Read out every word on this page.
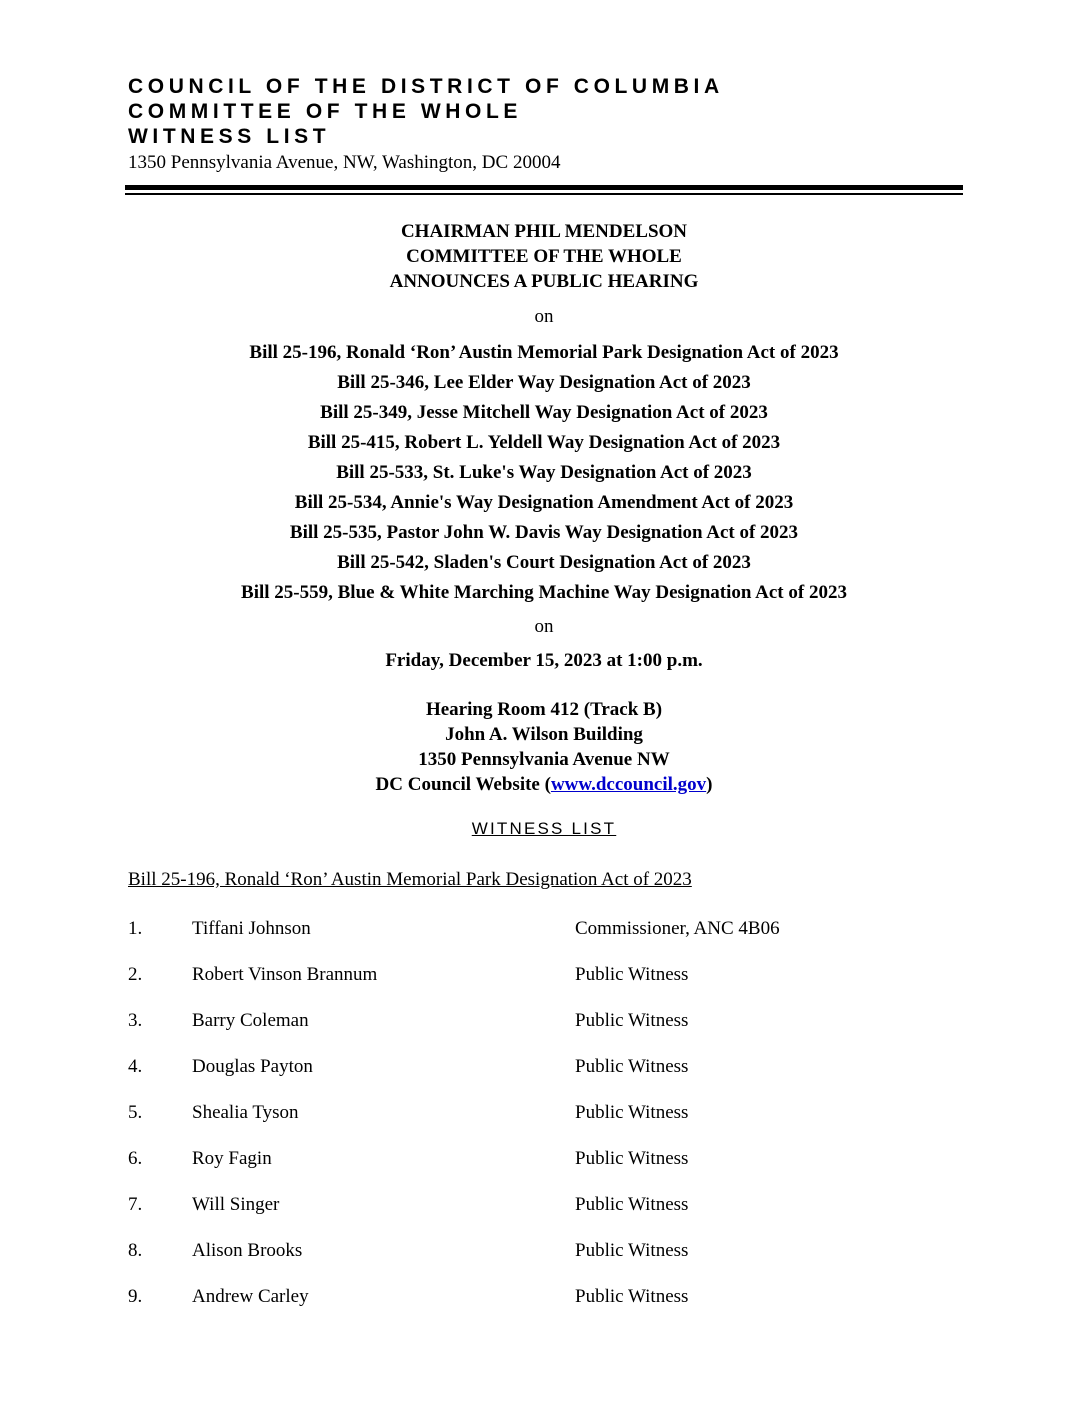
COUNCIL OF THE DISTRICT OF COLUMBIA
COMMITTEE OF THE WHOLE
WITNESS LIST
1350 Pennsylvania Avenue, NW, Washington, DC 20004
CHAIRMAN PHIL MENDELSON
COMMITTEE OF THE WHOLE
ANNOUNCES A PUBLIC HEARING
on
Bill 25-196, Ronald ‘Ron’ Austin Memorial Park Designation Act of 2023
Bill 25-346, Lee Elder Way Designation Act of 2023
Bill 25-349, Jesse Mitchell Way Designation Act of 2023
Bill 25-415, Robert L. Yeldell Way Designation Act of 2023
Bill 25-533, St. Luke's Way Designation Act of 2023
Bill 25-534, Annie's Way Designation Amendment Act of 2023
Bill 25-535, Pastor John W. Davis Way Designation Act of 2023
Bill 25-542, Sladen's Court Designation Act of 2023
Bill 25-559, Blue & White Marching Machine Way Designation Act of 2023
on
Friday, December 15, 2023 at 1:00 p.m.
Hearing Room 412 (Track B)
John A. Wilson Building
1350 Pennsylvania Avenue NW
DC Council Website (www.dccouncil.gov)
WITNESS LIST
Bill 25-196, Ronald ‘Ron’ Austin Memorial Park Designation Act of 2023
1.	Tiffani Johnson	Commissioner, ANC 4B06
2.	Robert Vinson Brannum	Public Witness
3.	Barry Coleman	Public Witness
4.	Douglas Payton	Public Witness
5.	Shealia Tyson	Public Witness
6.	Roy Fagin	Public Witness
7.	Will Singer	Public Witness
8.	Alison Brooks	Public Witness
9.	Andrew Carley	Public Witness
